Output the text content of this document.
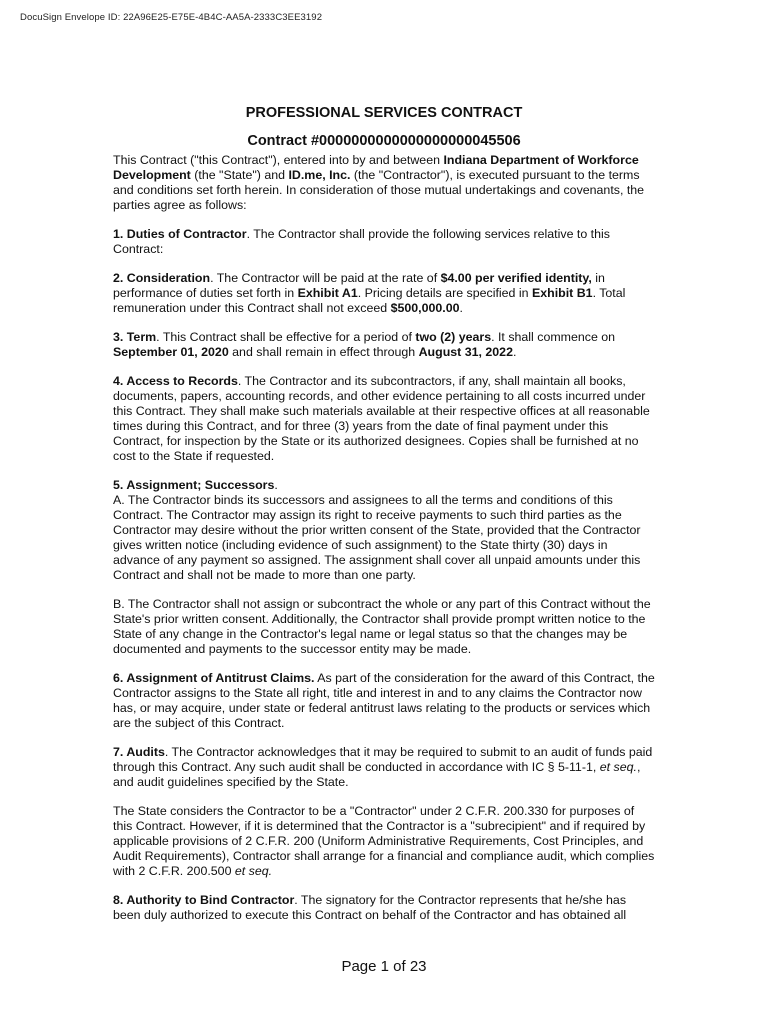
DocuSign Envelope ID: 22A96E25-E75E-4B4C-AA5A-2333C3EE3192
PROFESSIONAL SERVICES CONTRACT
Contract #0000000000000000000045506

This Contract ("this Contract"), entered into by and between Indiana Department of Workforce Development (the "State") and ID.me, Inc. (the "Contractor"), is executed pursuant to the terms and conditions set forth herein. In consideration of those mutual undertakings and covenants, the parties agree as follows:

1. Duties of Contractor. The Contractor shall provide the following services relative to this Contract:

2. Consideration. The Contractor will be paid at the rate of $4.00 per verified identity, in performance of duties set forth in Exhibit A1. Pricing details are specified in Exhibit B1. Total remuneration under this Contract shall not exceed $500,000.00.

3. Term. This Contract shall be effective for a period of two (2) years. It shall commence on September 01, 2020 and shall remain in effect through August 31, 2022.

4. Access to Records. The Contractor and its subcontractors, if any, shall maintain all books, documents, papers, accounting records, and other evidence pertaining to all costs incurred under this Contract. They shall make such materials available at their respective offices at all reasonable times during this Contract, and for three (3) years from the date of final payment under this Contract, for inspection by the State or its authorized designees. Copies shall be furnished at no cost to the State if requested.

5. Assignment; Successors.

A. The Contractor binds its successors and assignees to all the terms and conditions of this Contract. The Contractor may assign its right to receive payments to such third parties as the Contractor may desire without the prior written consent of the State, provided that the Contractor gives written notice (including evidence of such assignment) to the State thirty (30) days in advance of any payment so assigned. The assignment shall cover all unpaid amounts under this Contract and shall not be made to more than one party.

B. The Contractor shall not assign or subcontract the whole or any part of this Contract without the State's prior written consent. Additionally, the Contractor shall provide prompt written notice to the State of any change in the Contractor's legal name or legal status so that the changes may be documented and payments to the successor entity may be made.

6. Assignment of Antitrust Claims. As part of the consideration for the award of this Contract, the Contractor assigns to the State all right, title and interest in and to any claims the Contractor now has, or may acquire, under state or federal antitrust laws relating to the products or services which are the subject of this Contract.

7. Audits. The Contractor acknowledges that it may be required to submit to an audit of funds paid through this Contract. Any such audit shall be conducted in accordance with IC § 5-11-1, et seq., and audit guidelines specified by the State.

The State considers the Contractor to be a "Contractor" under 2 C.F.R. 200.330 for purposes of this Contract. However, if it is determined that the Contractor is a "subrecipient" and if required by applicable provisions of 2 C.F.R. 200 (Uniform Administrative Requirements, Cost Principles, and Audit Requirements), Contractor shall arrange for a financial and compliance audit, which complies with 2 C.F.R. 200.500 et seq.

8. Authority to Bind Contractor. The signatory for the Contractor represents that he/she has been duly authorized to execute this Contract on behalf of the Contractor and has obtained all

Page 1 of 23
